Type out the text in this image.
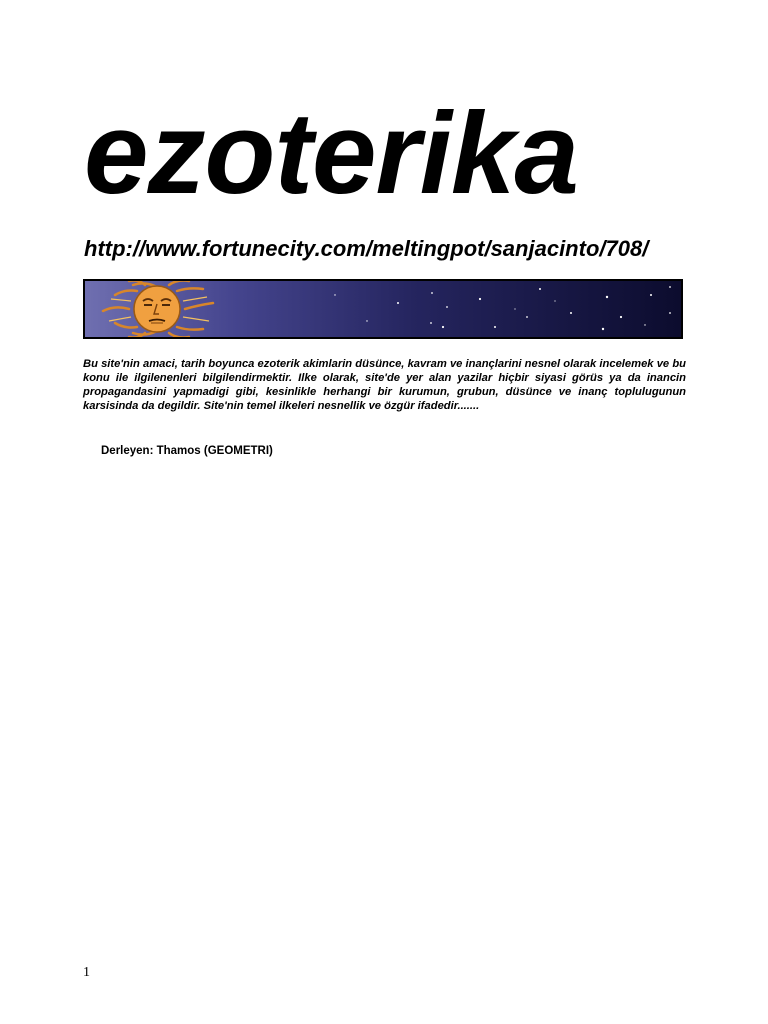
ezoterika
http://www.fortunecity.com/meltingpot/sanjacinto/708/

Bu site'nin amaci, tarih boyunca ezoterik akimlarin düsünce, kavram ve inançlarini nesnel olarak incelemek ve bu konu ile ilgilenenleri bilgilendirmektir. Ilke olarak, site'de yer alan yazilar hiçbir siyasi görüs ya da inancin propagandasini yapmadigi gibi, kesinlikle herhangi bir kurumun, grubun, düsünce ve inanç toplulugunun karsisinda da degildir. Site'nin temel ilkeleri nesnellik ve özgür ifadedir.......

Derleyen: Thamos (GEOMETRI)
1
